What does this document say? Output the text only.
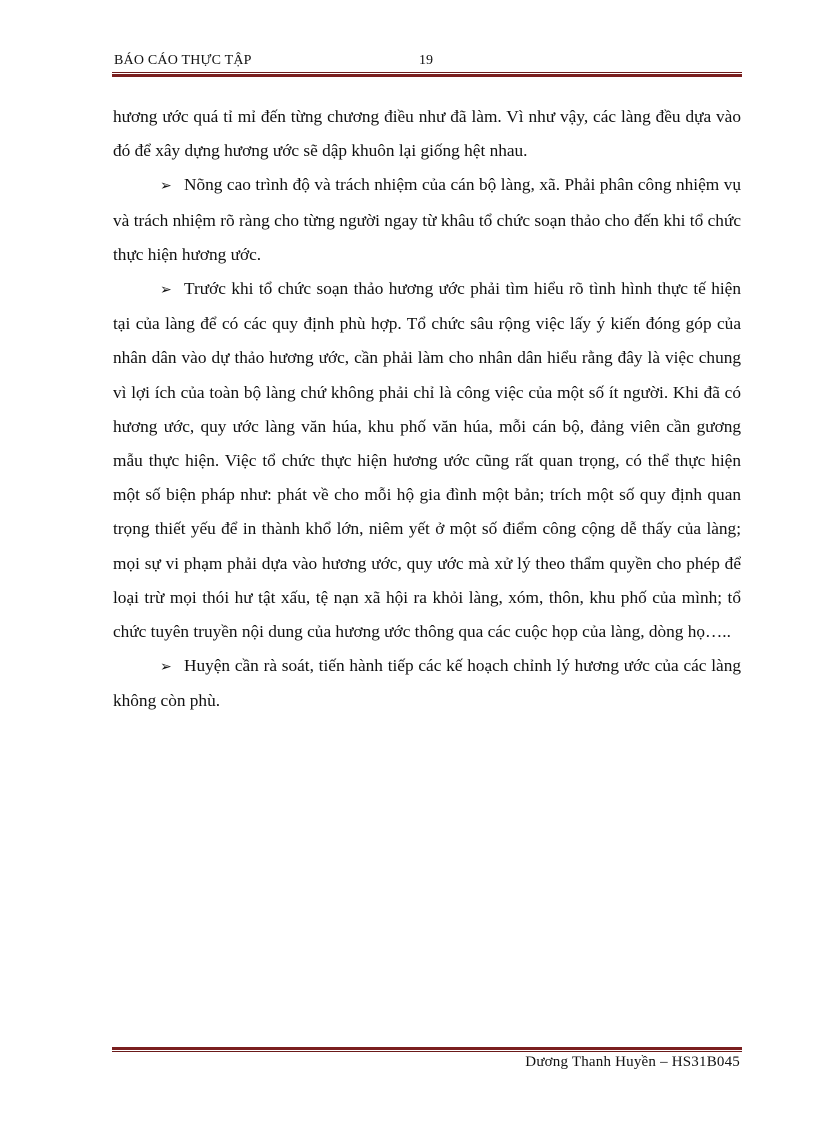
BÁO CÁO THỰC TẬP	19

hương ước quá tỉ mỉ đến từng chương điều như đã làm. Vì như vậy, các làng đều dựa vào đó để xây dựng hương ước sẽ dập khuôn lại giống hệt nhau.

➢ Nõng cao trình độ và trách nhiệm của cán bộ làng, xã. Phải phân công nhiệm vụ và trách nhiệm rõ ràng cho từng người ngay từ khâu tổ chức soạn thảo cho đến khi tổ chức thực hiện hương ước.

➢ Trước khi tổ chức soạn thảo hương ước phải tìm hiểu rõ tình hình thực tế hiện tại của làng để có các quy định phù hợp. Tổ chức sâu rộng việc lấy ý kiến đóng góp của nhân dân vào dự thảo hương ước, cần phải làm cho nhân dân hiểu rằng đây là việc chung vì lợi ích của toàn bộ làng chứ không phải chỉ là công việc của một số ít người. Khi đã có hương ước, quy ước làng văn húa, khu phố văn húa, mỗi cán bộ, đảng viên cần gương mẫu thực hiện. Việc tổ chức thực hiện hương ước cũng rất quan trọng, có thể thực hiện một số biện pháp như: phát về cho mỗi hộ gia đình một bản; trích một số quy định quan trọng thiết yếu để in thành khổ lớn, niêm yết ở một số điểm công cộng dễ thấy của làng; mọi sự vi phạm phải dựa vào hương ước, quy ước mà xử lý theo thẩm quyền cho phép để loại trừ mọi thói hư tật xấu, tệ nạn xã hội ra khỏi làng, xóm, thôn, khu phố của mình; tổ chức tuyên truyền nội dung của hương ước thông qua các cuộc họp của làng, dòng họ…..

➢ Huyện cần rà soát, tiến hành tiếp các kế hoạch chỉnh lý hương ước của các làng không còn phù.

Dương Thanh Huyền – HS31B045
